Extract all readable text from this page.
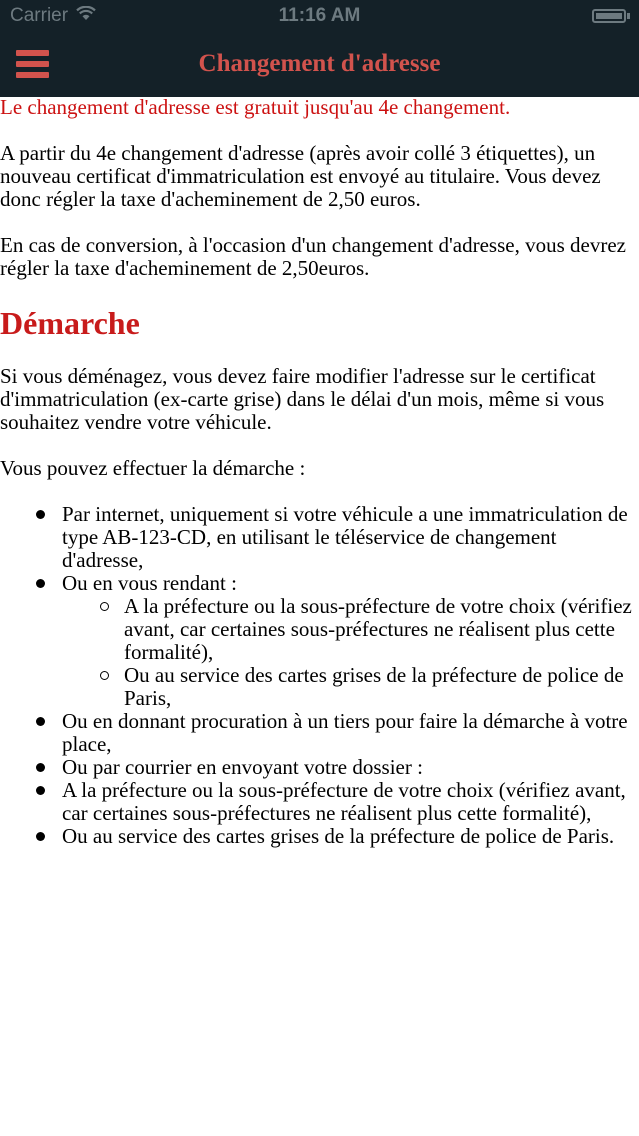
Carrier	11:16 AM
Changement d'adresse

Le changement d'adresse est gratuit jusqu'au 4e changement.

A partir du 4e changement d'adresse (après avoir collé 3 étiquettes), un nouveau certificat d'immatriculation est envoyé au titulaire. Vous devez donc régler la taxe d'acheminement de 2,50 euros.

En cas de conversion, à l'occasion d'un changement d'adresse, vous devrez régler la taxe d'acheminement de 2,50euros.

Démarche

Si vous déménagez, vous devez faire modifier l'adresse sur le certificat d'immatriculation (ex-carte grise) dans le délai d'un mois, même si vous souhaitez vendre votre véhicule.

Vous pouvez effectuer la démarche :

Par internet, uniquement si votre véhicule a une immatriculation de type AB-123-CD, en utilisant le téléservice de changement d'adresse,
Ou en vous rendant :
A la préfecture ou la sous-préfecture de votre choix (vérifiez avant, car certaines sous-préfectures ne réalisent plus cette formalité),
Ou au service des cartes grises de la préfecture de police de Paris,
Ou en donnant procuration à un tiers pour faire la démarche à votre place,
Ou par courrier en envoyant votre dossier :
A la préfecture ou la sous-préfecture de votre choix (vérifiez avant, car certaines sous-préfectures ne réalisent plus cette formalité),
Ou au service des cartes grises de la préfecture de police de Paris.
